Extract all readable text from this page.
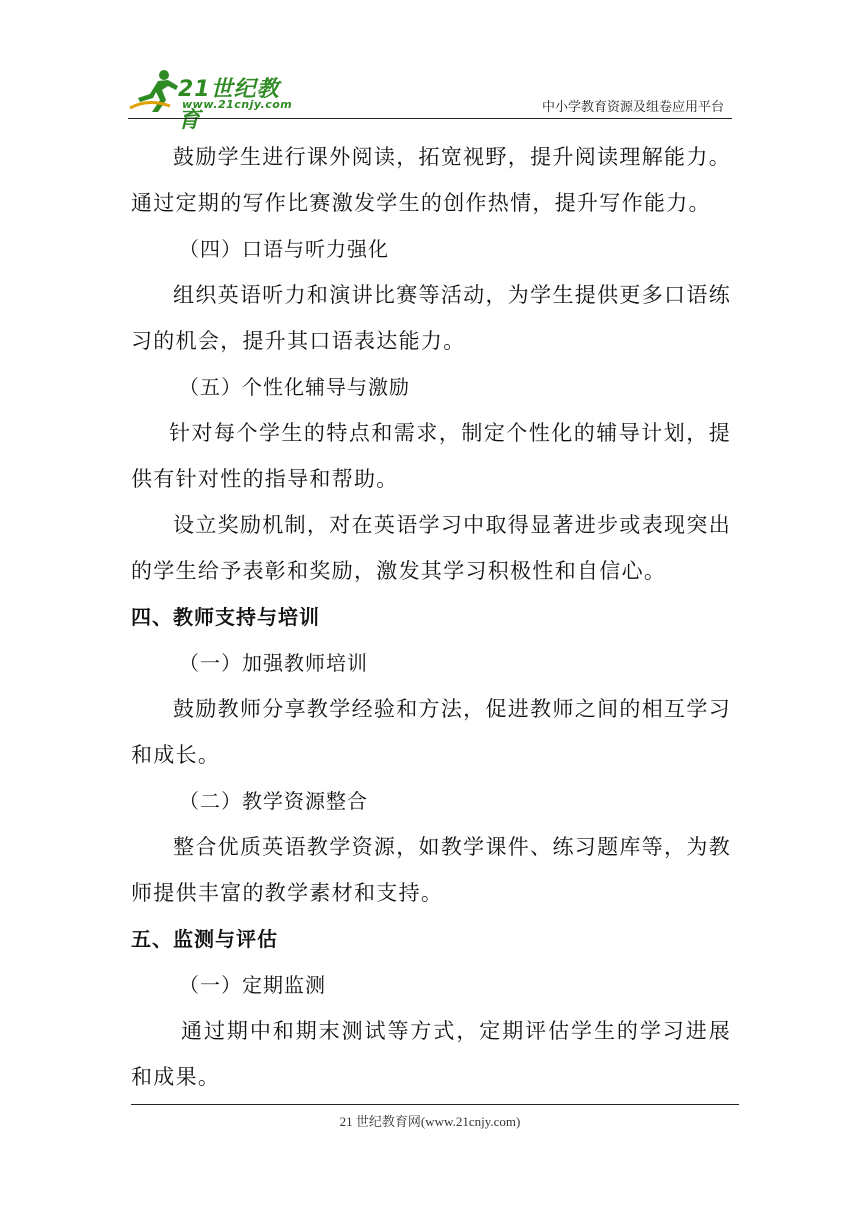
21世纪教育
www.21cnjy.com	中小学教育资源及组卷应用平台

鼓励学生进行课外阅读，拓宽视野，提升阅读理解能力。通过定期的写作比赛激发学生的创作热情，提升写作能力。

（四）口语与听力强化

组织英语听力和演讲比赛等活动，为学生提供更多口语练习的机会，提升其口语表达能力。

（五）个性化辅导与激励

针对每个学生的特点和需求，制定个性化的辅导计划，提供有针对性的指导和帮助。

设立奖励机制，对在英语学习中取得显著进步或表现突出的学生给予表彰和奖励，激发其学习积极性和自信心。

四、教师支持与培训

（一）加强教师培训

鼓励教师分享教学经验和方法，促进教师之间的相互学习和成长。

（二）教学资源整合

整合优质英语教学资源，如教学课件、练习题库等，为教师提供丰富的教学素材和支持。

五、监测与评估

（一）定期监测

通过期中和期末测试等方式，定期评估学生的学习进展和成果。

21 世纪教育网(www.21cnjy.com)
